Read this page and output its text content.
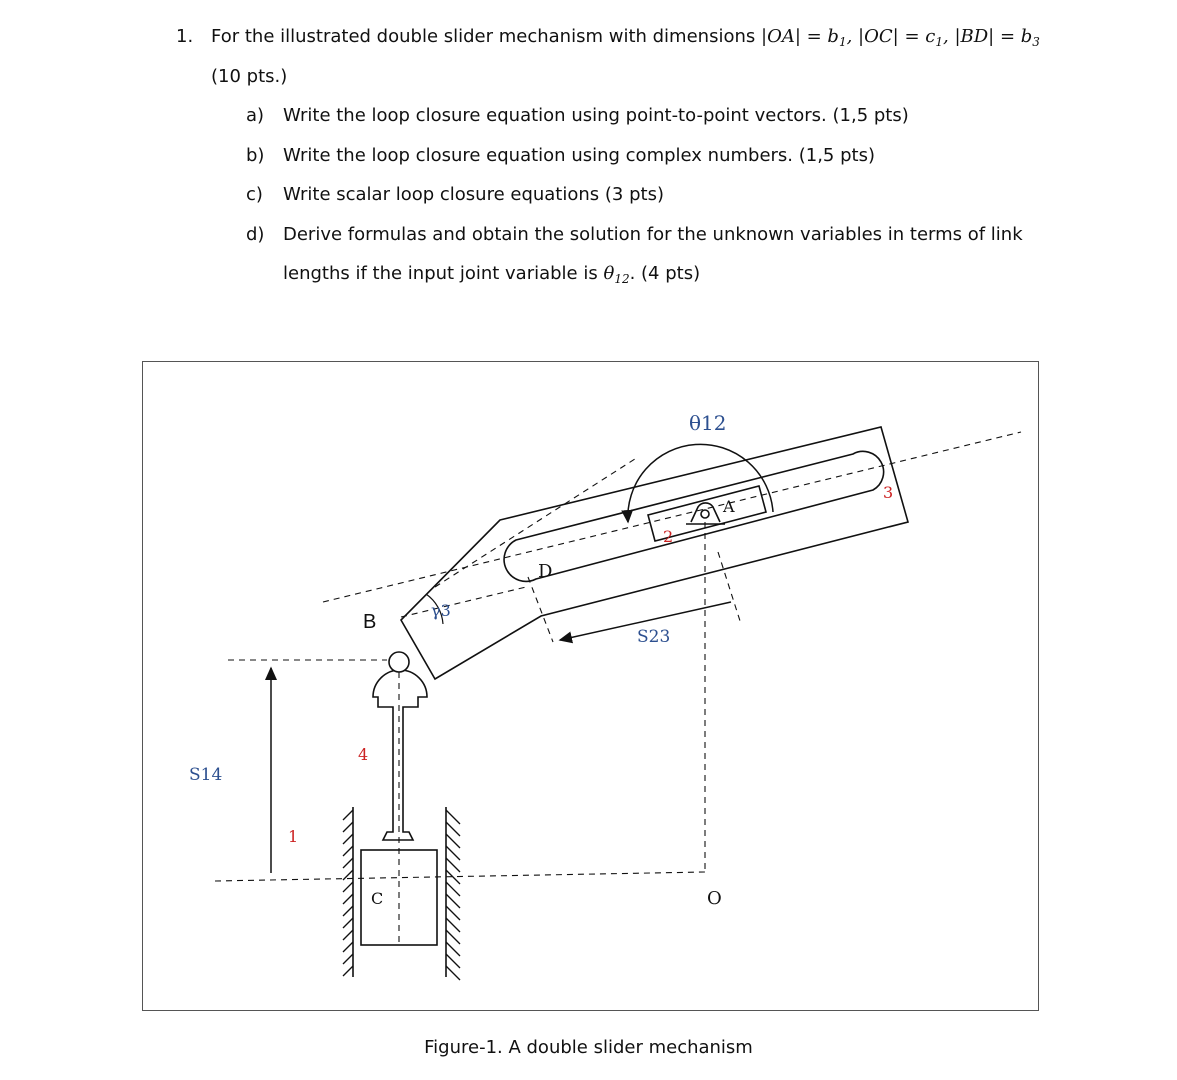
1. For the illustrated double slider mechanism with dimensions $|OA| = b_1$, $|OC| = c_1$, $|BD| = b_3$
(10 pts.)
a) Write the loop closure equation using point-to-point vectors. (1,5 pts)
b) Write the loop closure equation using complex numbers. (1,5 pts)
c) Write scalar loop closure equations (3 pts)
d) Derive formulas and obtain the solution for the unknown variables in terms of link
lengths if the input joint variable is $\theta_{12}$. (4 pts)
θ12
2
3
4
1
A
B
C
D
O
γ3
S23
S14
Figure-1. A double slider mechanism
